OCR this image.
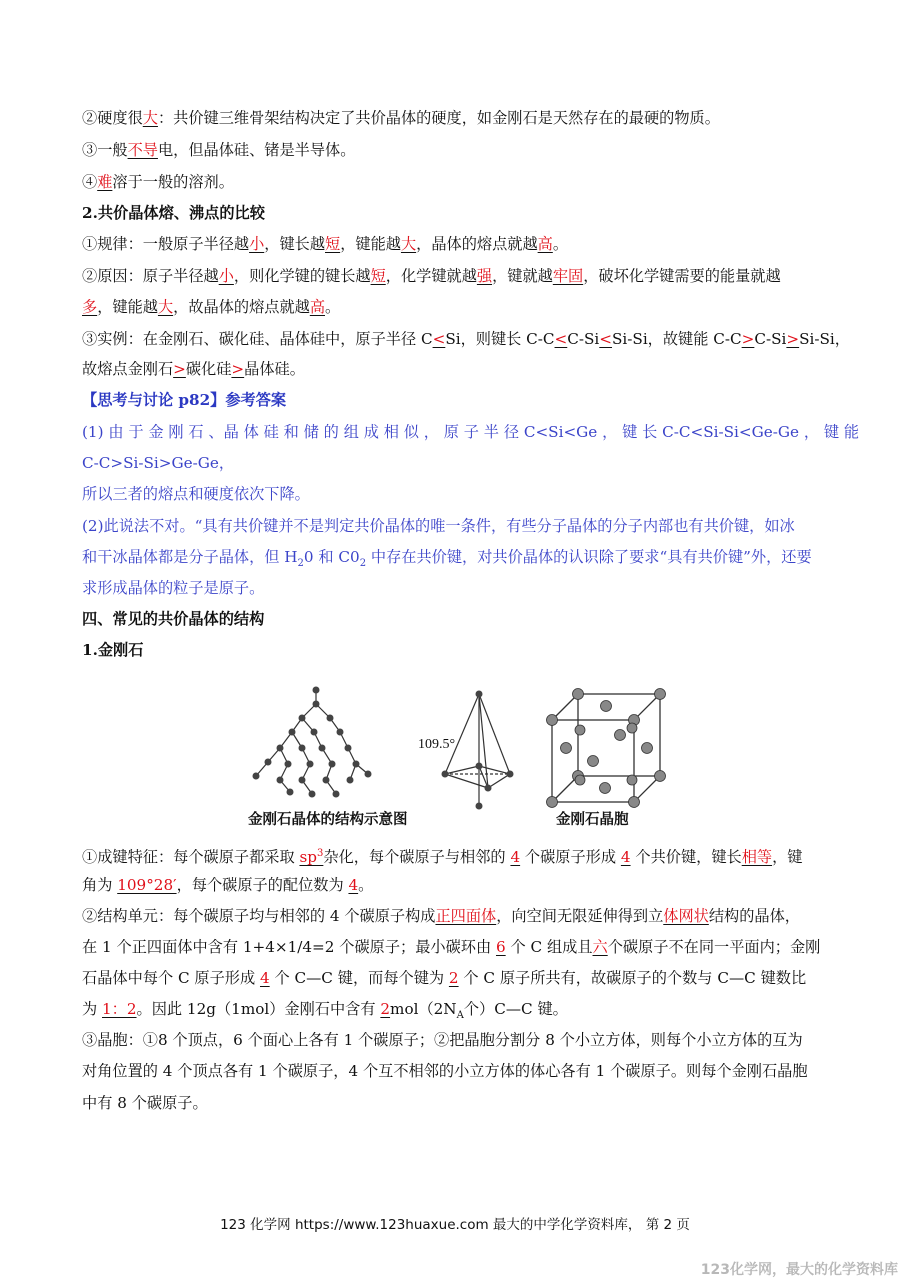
②硬度很大：共价键三维骨架结构决定了共价晶体的硬度，如金刚石是天然存在的最硬的物质。
③一般不导电，但晶体硅、锗是半导体。
④难溶于一般的溶剂。
2.共价晶体熔、沸点的比较
①规律：一般原子半径越小，键长越短，键能越大，晶体的熔点就越高。
②原因：原子半径越小，则化学键的键长越短，化学键就越强，键就越牢固，破坏化学键需要的能量就越
多，键能越大，故晶体的熔点就越高。
③实例：在金刚石、碳化硅、晶体硅中，原子半径 C<Si，则键长 C-C<C-Si<Si-Si，故键能 C-C>C-Si>Si-Si，
故熔点金刚石>碳化硅>晶体硅。
【思考与讨论 p82】参考答案
(1) 由 于 金 刚 石 、晶 体 硅 和 储 的 组 成 相 似 ， 原 子 半 径 C<Si<Ge ， 键 长 C-C<Si-Si<Ge-Ge ， 键 能
C-C>Si-Si>Ge-Ge，
所以三者的熔点和硬度依次下降。
(2)此说法不对。“具有共价键并不是判定共价晶体的唯一条件，有些分子晶体的分子内部也有共价键，如冰
和干冰晶体都是分子晶体，但 $H_20$ 和 $C0_2$ 中存在共价键，对共价晶体的认识除了要求“具有共价键”外，还要
求形成晶体的粒子是原子。
四、常见的共价晶体的结构
1.金刚石
109.5°
金刚石晶体的结构示意图	金刚石晶胞
①成键特征：每个碳原子都采取 $sp^3$杂化，每个碳原子与相邻的 4 个碳原子形成 4 个共价键，键长相等，键
角为 109°28′，每个碳原子的配位数为 4。
②结构单元：每个碳原子均与相邻的 4 个碳原子构成正四面体，向空间无限延伸得到立体网状结构的晶体，
在 1 个正四面体中含有 1+4×1/4=2 个碳原子；最小碳环由 6 个 C 组成且六个碳原子不在同一平面内；金刚
石晶体中每个 C 原子形成 4 个 C—C 键，而每个键为 2 个 C 原子所共有，故碳原子的个数与 C—C 键数比
为 1：2。因此 12g（1mol）金刚石中含有 $2mol(2N_A$个）C—C 键。
③晶胞：①8 个顶点，6 个面心上各有 1 个碳原子；②把晶胞分割分 8 个小立方体，则每个小立方体的互为
对角位置的 4 个顶点各有 1 个碳原子，4 个互不相邻的小立方体的体心各有 1 个碳原子。则每个金刚石晶胞
中有 8 个碳原子。
123 化学网 https://www.123huaxue.com 最大的中学化学资料库， 第 2 页
123化学网，最大的化学资料库
